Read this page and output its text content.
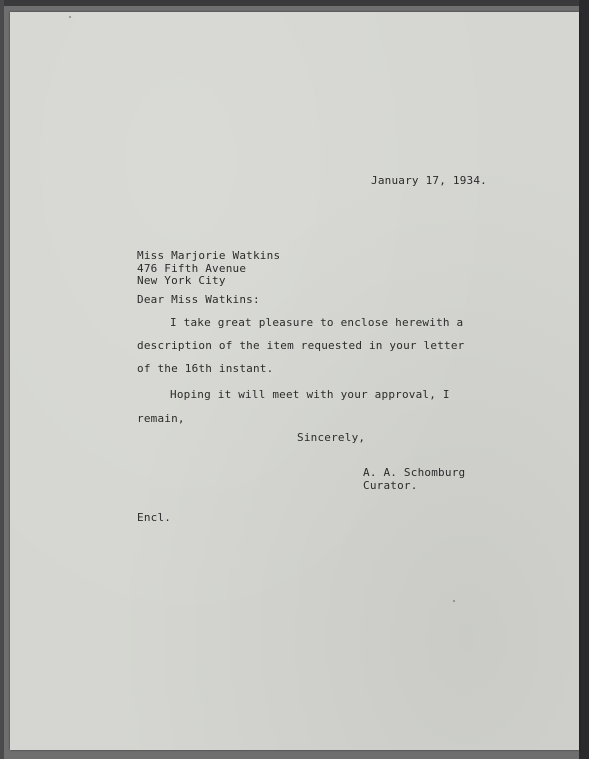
January 17, 1934.
Miss Marjorie Watkins
476 Fifth Avenue
New York City
Dear Miss Watkins:
I take great pleasure to enclose herewith a
description of the item requested in your letter
of the 16th instant.
Hoping it will meet with your approval, I
remain,
Sincerely,
A. A. Schomburg
Curator.
Encl.
